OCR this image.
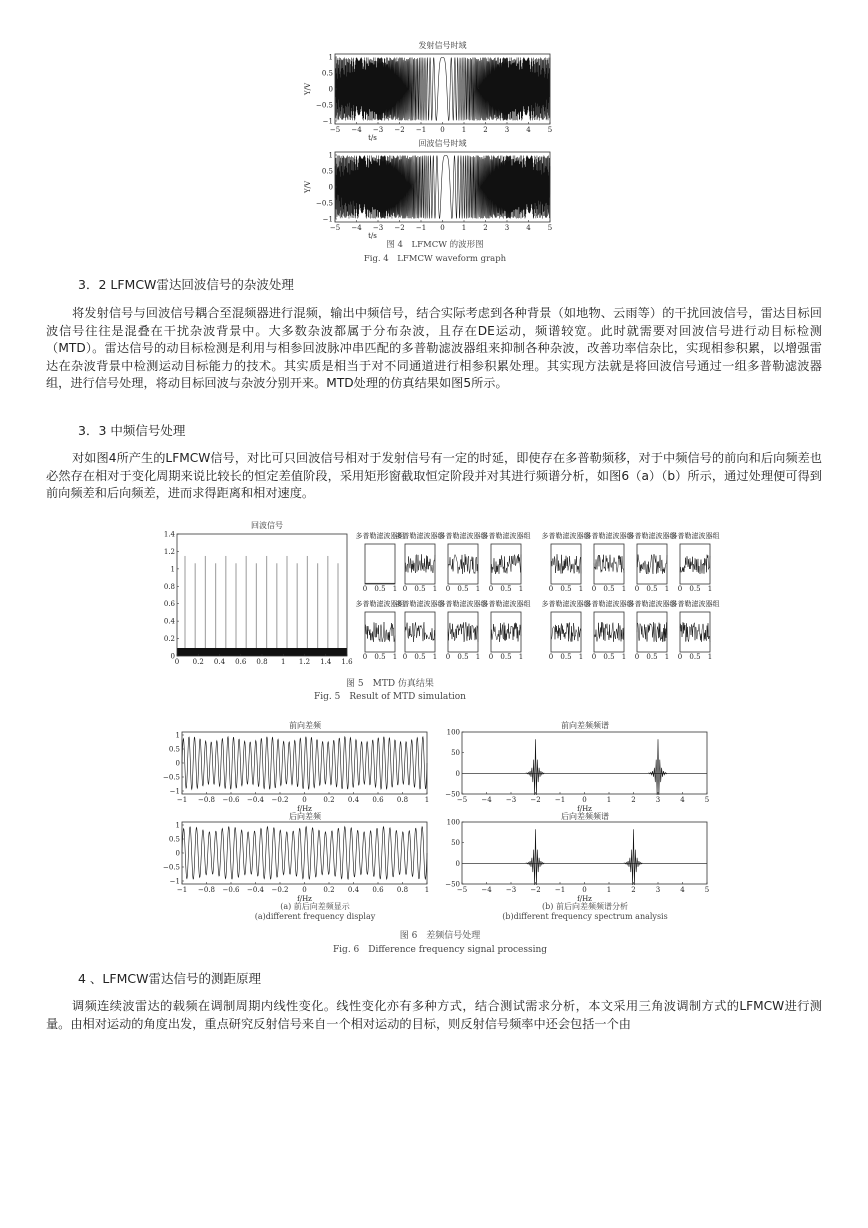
发射信号时域
1
0.5
0
−0.5
−1
−5 −4 −3 −2 −1 0 1 2 3 4 5
Y/V
t/s
回波信号时域
1
0.5
0
−0.5
−1
−5 −4 −3 −2 −1 0 1 2 3 4 5
Y/V
t/s
图 4　LFMCW 的波形图
Fig. 4　LFMCW waveform graph
3．2 LFMCW雷达回波信号的杂波处理

将发射信号与回波信号耦合至混频器进行混频，输出中频信号，结合实际考虑到各种背景（如地物、云雨等）的干扰回波信号，雷达目标回波信号往往是混叠在干扰杂波背景中。大多数杂波都属于分布杂波，且存在DE运动，频谱较宽。此时就需要对回波信号进行动目标检测（MTD）。雷达信号的动目标检测是利用与相参回波脉冲串匹配的多普勒滤波器组来抑制各种杂波，改善功率信杂比，实现相参积累，以增强雷达在杂波背景中检测运动目标能力的技术。其实质是相当于对不同通道进行相参积累处理。其实现方法就是将回波信号通过一组多普勒滤波器组，进行信号处理，将动目标回波与杂波分别开来。MTD处理的仿真结果如图5所示。

3．3 中频信号处理

对如图4所产生的LFMCW信号，对比可只回波信号相对于发射信号有一定的时延，即使存在多普勒频移，对于中频信号的前向和后向频差也必然存在相对于变化周期来说比较长的恒定差值阶段，采用矩形窗截取恒定阶段并对其进行频谱分析，如图6（a）（b）所示，通过处理便可得到前向频差和后向频差，进而求得距离和相对速度。

回波信号
1.4
1.2
1
0.8
0.6
0.4
0.2
0
0 0.2 0.4 0.6 0.8 1 1.2 1.4 1.6
多普勒滤波器组
0 0.5 1
多普勒滤波器组
0 0.5 1
多普勒滤波器组
0 0.5 1
多普勒滤波器组
0 0.5 1
多普勒滤波器组
0 0.5 1
多普勒滤波器组
0 0.5 1
多普勒滤波器组
0 0.5 1
多普勒滤波器组
0 0.5 1
多普勒滤波器组
0 0.5 1
多普勒滤波器组
0 0.5 1
多普勒滤波器组
0 0.5 1
多普勒滤波器组
0 0.5 1
多普勒滤波器组
0 0.5 1
多普勒滤波器组
0 0.5 1
多普勒滤波器组
0 0.5 1
多普勒滤波器组
0 0.5 1
图 5　MTD 仿真结果
Fig. 5　Result of MTD simulation
前向差频
1
0.5
0
−0.5
−1
−1 −0.8 −0.6 −0.4 −0.2 0 0.2 0.4 0.6 0.8 1
f/Hz
前向差频频谱
100
50
0
−50
−5 −4 −3 −2 −1 0	1	2	3	4	5
f/Hz
后向差频
1
0.5
0
−0.5
−1
−1 −0.8 −0.6 −0.4 −0.2 0 0.2 0.4 0.6 0.8 1
f/Hz
后向差频频谱
100
50
0
−50
−5 −4 −3 −2 −1 0	1	2	3	4	5
f/Hz
(a) 前后向差频显示
(a)different frequency display
(b) 前后向差频频谱分析
(b)different frequency spectrum analysis
图 6　差频信号处理
Fig. 6　Difference frequency signal processing
4 、LFMCW雷达信号的测距原理

调频连续波雷达的载频在调制周期内线性变化。线性变化亦有多种方式，结合测试需求分析，本文采用三角波调制方式的LFMCW进行测量。由相对运动的角度出发，重点研究反射信号来自一个相对运动的目标，则反射信号频率中还会包括一个由
